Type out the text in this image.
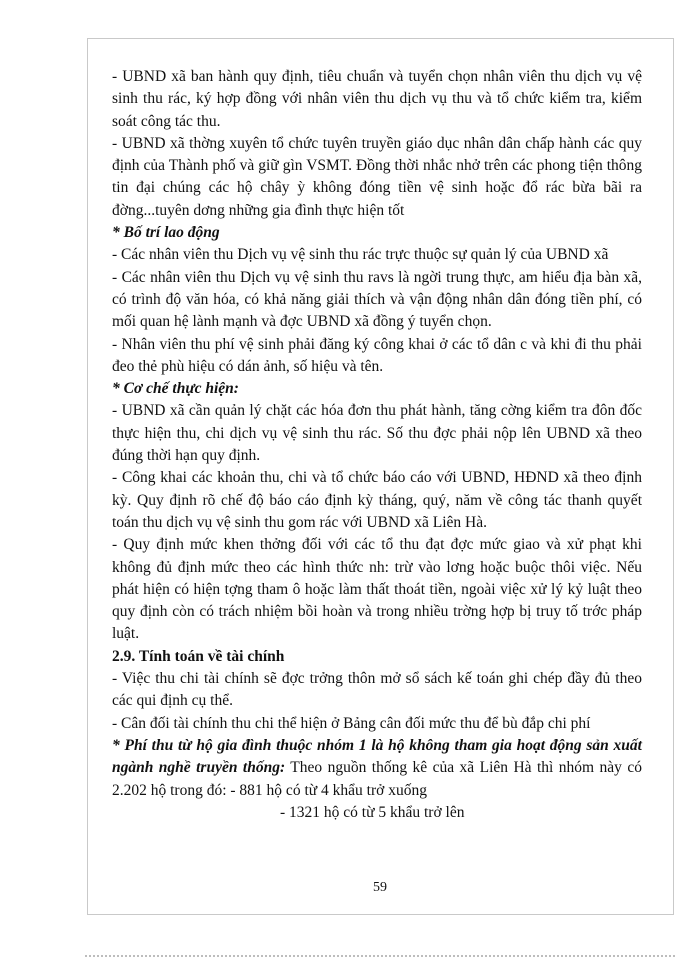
- UBND xã ban hành quy định, tiêu chuẩn và tuyển chọn nhân viên thu dịch vụ vệ sinh thu rác, ký hợp đồng với nhân viên thu dịch vụ thu và tổ chức kiểm tra, kiểm soát công tác thu.

- UBND xã thờng xuyên tổ chức tuyên truyền giáo dục nhân dân chấp hành các quy định của Thành phố và giữ gìn VSMT. Đồng thời nhắc nhở trên các phong tiện thông tin đại chúng các hộ chây ỳ không đóng tiền vệ sinh hoặc đổ rác bừa bãi ra đờng...tuyên dơng những gia đình thực hiện tốt

* Bố trí lao động

- Các nhân viên thu Dịch vụ vệ sinh thu rác trực thuộc sự quản lý của UBND xã

- Các nhân viên thu Dịch vụ vệ sinh thu ravs là ngời trung thực, am hiểu địa bàn xã, có trình độ văn hóa, có khả năng giải thích và vận động nhân dân đóng tiền phí, có mối quan hệ lành mạnh và đợc UBND xã đồng ý tuyển chọn.

- Nhân viên thu phí vệ sinh phải đăng ký công khai ở các tổ dân c và khi đi thu phải đeo thẻ phù hiệu có dán ảnh, số hiệu và tên.

* Cơ chế thực hiện:

- UBND xã cần quản lý chặt các hóa đơn thu phát hành, tăng cờng kiểm tra đôn đốc thực hiện thu, chi dịch vụ vệ sinh thu rác. Số thu đợc phải nộp lên UBND xã theo đúng thời hạn quy định.

- Công khai các khoản thu, chi và tổ chức báo cáo với UBND, HĐND xã theo định kỳ. Quy định rõ chế độ báo cáo định kỳ tháng, quý, năm về công tác thanh quyết toán thu dịch vụ vệ sinh thu gom rác với UBND xã Liên Hà.

- Quy định mức khen thởng đối với các tổ thu đạt đợc mức giao và xử phạt khi không đủ định mức theo các hình thức nh: trừ vào lơng hoặc buộc thôi việc. Nếu phát hiện có hiện tợng tham ô hoặc làm thất thoát tiền, ngoài việc xử lý kỷ luật theo quy định còn có trách nhiệm bồi hoàn và trong nhiều trờng hợp bị truy tố trớc pháp luật.

2.9. Tính toán về tài chính

- Việc thu chi tài chính sẽ đợc trởng thôn mở sổ sách kế toán ghi chép đầy đủ theo các qui định cụ thể.

- Cân đối tài chính thu chi thể hiện ở Bảng cân đối mức thu để bù đắp chi phí

* Phí thu từ hộ gia đình thuộc nhóm 1 là hộ không tham gia hoạt động sản xuất ngành nghề truyền thống: Theo nguồn thống kê của xã Liên Hà thì nhóm này có 2.202 hộ trong đó: - 881 hộ có từ 4 khẩu trở xuống

- 1321 hộ có từ 5 khẩu trở lên

59
